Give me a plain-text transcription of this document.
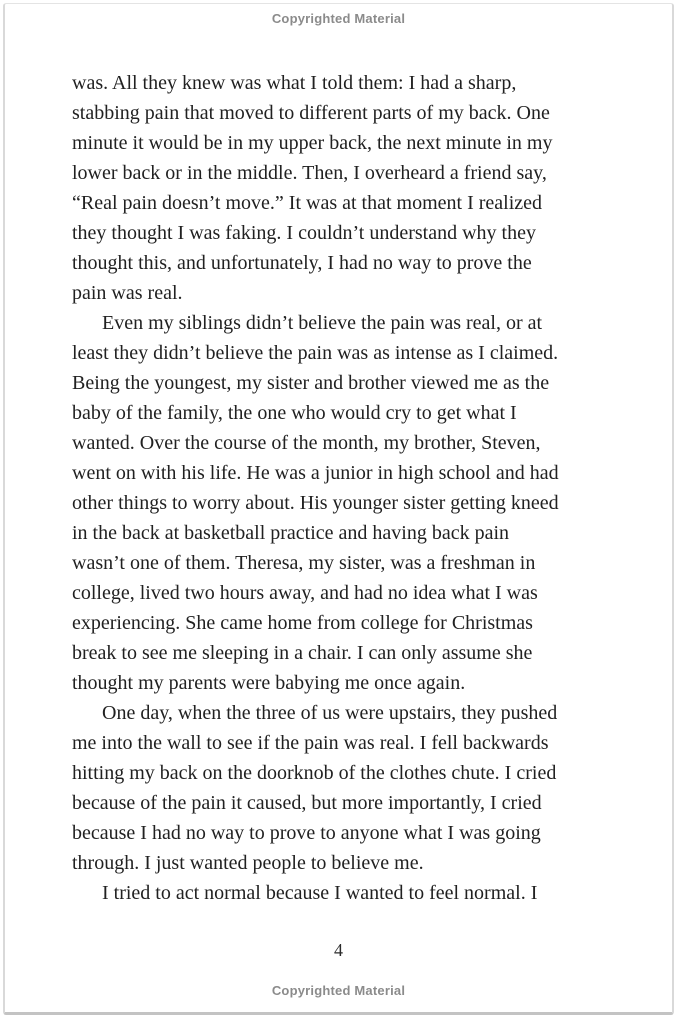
Copyrighted Material
was. All they knew was what I told them: I had a sharp,
stabbing pain that moved to different parts of my back. One
minute it would be in my upper back, the next minute in my
lower back or in the middle. Then, I overheard a friend say,
“Real pain doesn’t move.” It was at that moment I realized
they thought I was faking. I couldn’t understand why they
thought this, and unfortunately, I had no way to prove the
pain was real.
Even my siblings didn’t believe the pain was real, or at
least they didn’t believe the pain was as intense as I claimed.
Being the youngest, my sister and brother viewed me as the
baby of the family, the one who would cry to get what I
wanted. Over the course of the month, my brother, Steven,
went on with his life. He was a junior in high school and had
other things to worry about. His younger sister getting kneed
in the back at basketball practice and having back pain
wasn’t one of them. Theresa, my sister, was a freshman in
college, lived two hours away, and had no idea what I was
experiencing. She came home from college for Christmas
break to see me sleeping in a chair. I can only assume she
thought my parents were babying me once again.
One day, when the three of us were upstairs, they pushed
me into the wall to see if the pain was real. I fell backwards
hitting my back on the doorknob of the clothes chute. I cried
because of the pain it caused, but more importantly, I cried
because I had no way to prove to anyone what I was going
through. I just wanted people to believe me.
I tried to act normal because I wanted to feel normal. I
4
Copyrighted Material
